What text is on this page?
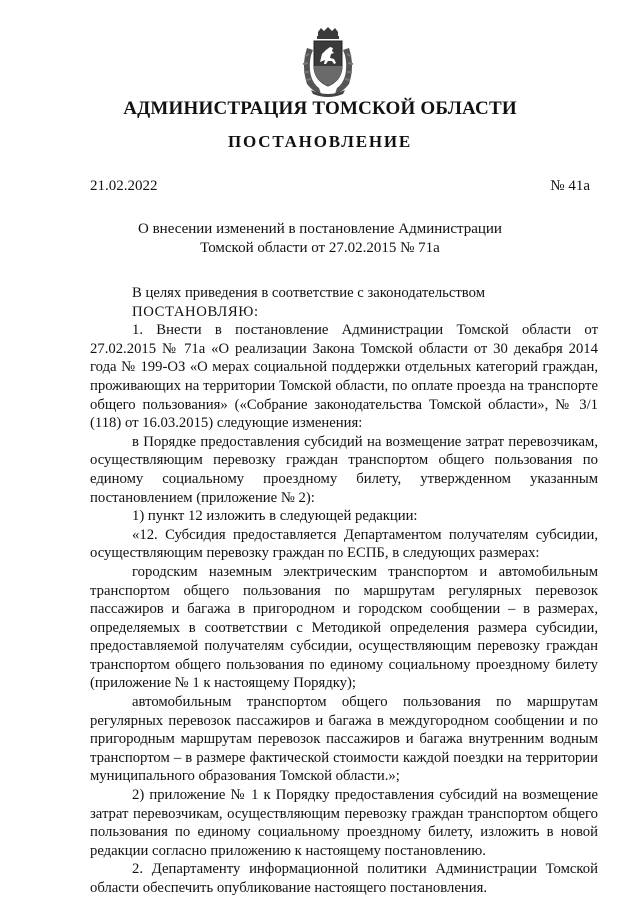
АДМИНИСТРАЦИЯ ТОМСКОЙ ОБЛАСТИ
ПОСТАНОВЛЕНИЕ
21.02.2022	№ 41а
О внесении изменений в постановление Администрации
Томской области от 27.02.2015 № 71а

В целях приведения в соответствие с законодательством

ПОСТАНОВЛЯЮ:

1. Внести в постановление Администрации Томской области от 27.02.2015 № 71а «О реализации Закона Томской области от 30 декабря 2014 года № 199-ОЗ «О мерах социальной поддержки отдельных категорий граждан, проживающих на территории Томской области, по оплате проезда на транспорте общего пользования» («Собрание законодательства Томской области», № 3/1 (118) от 16.03.2015) следующие изменения:

в Порядке предоставления субсидий на возмещение затрат перевозчикам, осуществляющим перевозку граждан транспортом общего пользования по единому социальному проездному билету, утвержденном указанным постановлением (приложение № 2):

1) пункт 12 изложить в следующей редакции:

«12. Субсидия предоставляется Департаментом получателям субсидии, осуществляющим перевозку граждан по ЕСПБ, в следующих размерах:

городским наземным электрическим транспортом и автомобильным транспортом общего пользования по маршрутам регулярных перевозок пассажиров и багажа в пригородном и городском сообщении – в размерах, определяемых в соответствии с Методикой определения размера субсидии, предоставляемой получателям субсидии, осуществляющим перевозку граждан транспортом общего пользования по единому социальному проездному билету (приложение № 1 к настоящему Порядку);

автомобильным транспортом общего пользования по маршрутам регулярных перевозок пассажиров и багажа в междугородном сообщении и по пригородным маршрутам перевозок пассажиров и багажа внутренним водным транспортом – в размере фактической стоимости каждой поездки на территории муниципального образования Томской области.»;

2) приложение № 1 к Порядку предоставления субсидий на возмещение затрат перевозчикам, осуществляющим перевозку граждан транспортом общего пользования по единому социальному проездному билету, изложить в новой редакции согласно приложению к настоящему постановлению.

2. Департаменту информационной политики Администрации Томской области обеспечить опубликование настоящего постановления.
